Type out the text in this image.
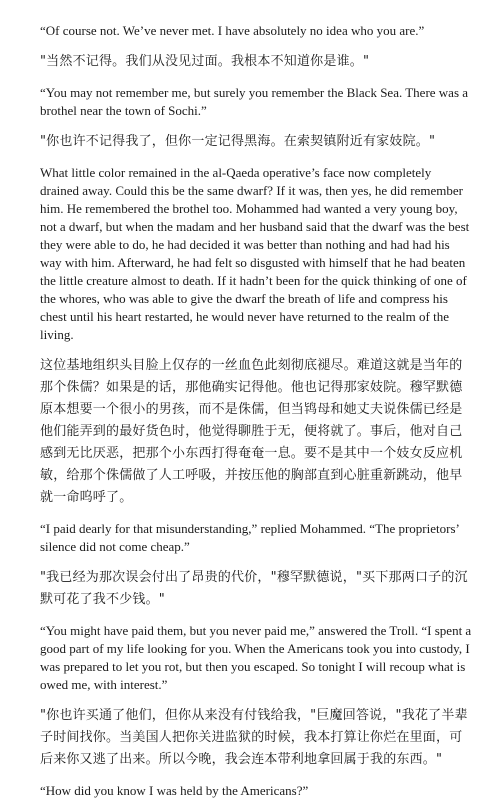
“Of course not. We’ve never met. I have absolutely no idea who you are.”

"当然不记得。我们从没见过面。我根本不知道你是谁。"

“You may not remember me, but surely you remember the Black Sea. There was a brothel near the town of Sochi.”

"你也许不记得我了，但你一定记得黑海。在索契镇附近有家妓院。"

What little color remained in the al-Qaeda operative’s face now completely drained away. Could this be the same dwarf? If it was, then yes, he did remember him. He remembered the brothel too. Mohammed had wanted a very young boy, not a dwarf, but when the madam and her husband said that the dwarf was the best they were able to do, he had decided it was better than nothing and had had his way with him. Afterward, he had felt so disgusted with himself that he had beaten the little creature almost to death. If it hadn’t been for the quick thinking of one of the whores, who was able to give the dwarf the breath of life and compress his chest until his heart restarted, he would never have returned to the realm of the living.

这位基地组织头目脸上仅存的一丝血色此刻彻底褪尽。难道这就是当年的那个侏儒？如果是的话，那他确实记得他。他也记得那家妓院。穆罕默德原本想要一个很小的男孩，而不是侏儒，但当鸨母和她丈夫说侏儒已经是他们能弄到的最好货色时，他觉得聊胜于无，便将就了。事后，他对自己感到无比厌恶，把那个小东西打得奄奄一息。要不是其中一个妓女反应机敏，给那个侏儒做了人工呼吸，并按压他的胸部直到心脏重新跳动，他早就一命呜呼了。

“I paid dearly for that misunderstanding,” replied Mohammed. “The proprietors’ silence did not come cheap.”

"我已经为那次误会付出了昂贵的代价，"穆罕默德说，"买下那两口子的沉默可花了我不少钱。"

“You might have paid them, but you never paid me,” answered the Troll. “I spent a good part of my life looking for you. When the Americans took you into custody, I was prepared to let you rot, but then you escaped. So tonight I will recoup what is owed me, with interest.”

"你也许买通了他们，但你从来没有付钱给我，"巨魔回答说，"我花了半辈子时间找你。当美国人把你关进监狱的时候，我本打算让你烂在里面，可后来你又逃了出来。所以今晚，我会连本带利地拿回属于我的东西。"

“How did you know I was held by the Americans?”
